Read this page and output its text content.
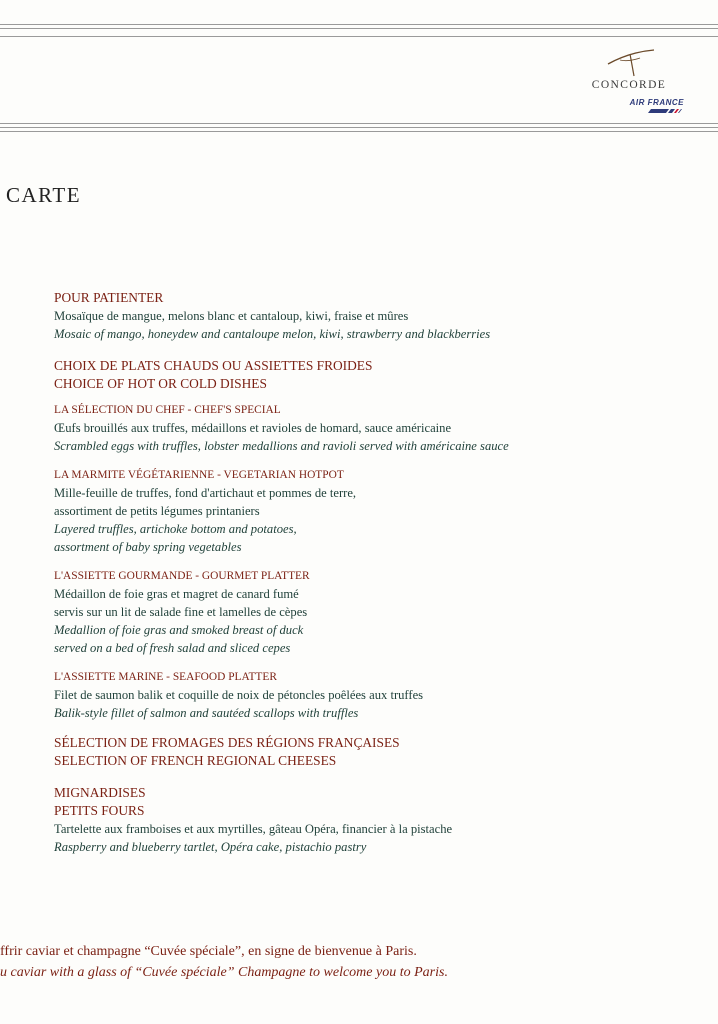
CONCORDE
AIR FRANCE
CARTE
POUR PATIENTER
Mosaïque de mangue, melons blanc et cantaloup, kiwi, fraise et mûres
Mosaic of mango, honeydew and cantaloupe melon, kiwi, strawberry and blackberries
CHOIX DE PLATS CHAUDS OU ASSIETTES FROIDES
CHOICE OF HOT OR COLD DISHES
LA SÉLECTION DU CHEF - CHEF'S SPECIAL
Œufs brouillés aux truffes, médaillons et ravioles de homard, sauce américaine
Scrambled eggs with truffles, lobster medallions and ravioli served with américaine sauce
LA MARMITE VÉGÉTARIENNE - VEGETARIAN HOTPOT
Mille-feuille de truffes, fond d'artichaut et pommes de terre,
assortiment de petits légumes printaniers
Layered truffles, artichoke bottom and potatoes,
assortment of baby spring vegetables
L'ASSIETTE GOURMANDE - GOURMET PLATTER
Médaillon de foie gras et magret de canard fumé
servis sur un lit de salade fine et lamelles de cèpes
Medallion of foie gras and smoked breast of duck
served on a bed of fresh salad and sliced cepes
L'ASSIETTE MARINE - SEAFOOD PLATTER
Filet de saumon balik et coquille de noix de pétoncles poêlées aux truffes
Balik-style fillet of salmon and sautéed scallops with truffles
SÉLECTION DE FROMAGES DES RÉGIONS FRANÇAISES
SELECTION OF FRENCH REGIONAL CHEESES
MIGNARDISES
PETITS FOURS
Tartelette aux framboises et aux myrtilles, gâteau Opéra, financier à la pistache
Raspberry and blueberry tartlet, Opéra cake, pistachio pastry
ffrir caviar et champagne “Cuvée spéciale”, en signe de bienvenue à Paris.
u caviar with a glass of “Cuvée spéciale” Champagne to welcome you to Paris.
